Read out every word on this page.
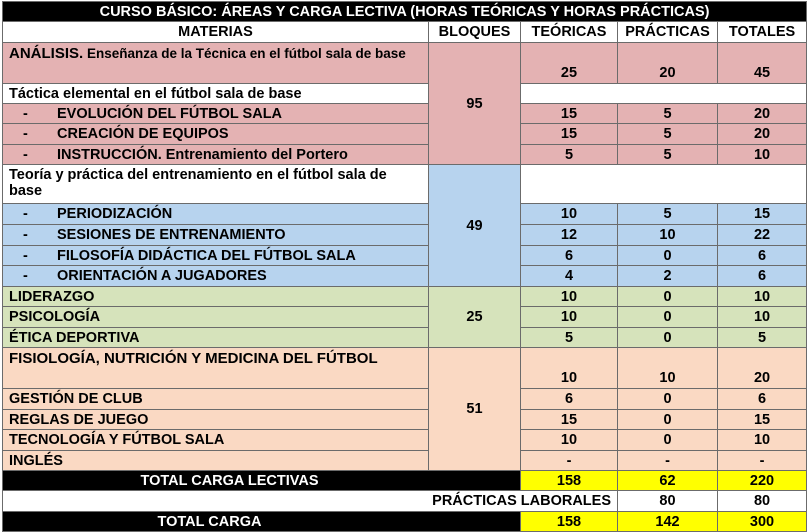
CURSO BÁSICO: ÁREAS Y CARGA LECTIVA (HORAS TEÓRICAS Y HORAS PRÁCTICAS)				
MATERIAS	BLOQUES	TEÓRICAS	PRÁCTICAS	TOTALES
ANÁLISIS. Enseñanza de la Técnica en el fútbol sala de base	95	25	20	45
Táctica elemental en el fútbol sala de base				
- EVOLUCIÓN DEL FÚTBOL SALA		15	5	20
- CREACIÓN DE EQUIPOS		15	5	20
- INSTRUCCIÓN. Entrenamiento del Portero		5	5	10
Teoría y práctica del entrenamiento en el fútbol sala de base	49			
- PERIODIZACIÓN		10	5	15
- SESIONES DE ENTRENAMIENTO		12	10	22
- FILOSOFÍA DIDÁCTICA DEL FÚTBOL SALA		6	0	6
- ORIENTACIÓN A JUGADORES		4	2	6
LIDERAZGO	25	10	0	10
PSICOLOGÍA		10	0	10
ÉTICA DEPORTIVA		5	0	5
FISIOLOGÍA, NUTRICIÓN Y MEDICINA DEL FÚTBOL	51	10	10	20
GESTIÓN DE CLUB		6	0	6
REGLAS DE JUEGO		15	0	15
TECNOLOGÍA Y FÚTBOL SALA		10	0	10
INGLÉS		-	-	-
TOTAL CARGA LECTIVAS		158	62	220
PRÁCTICAS LABORALES			80	80
TOTAL CARGA		158	142	300
